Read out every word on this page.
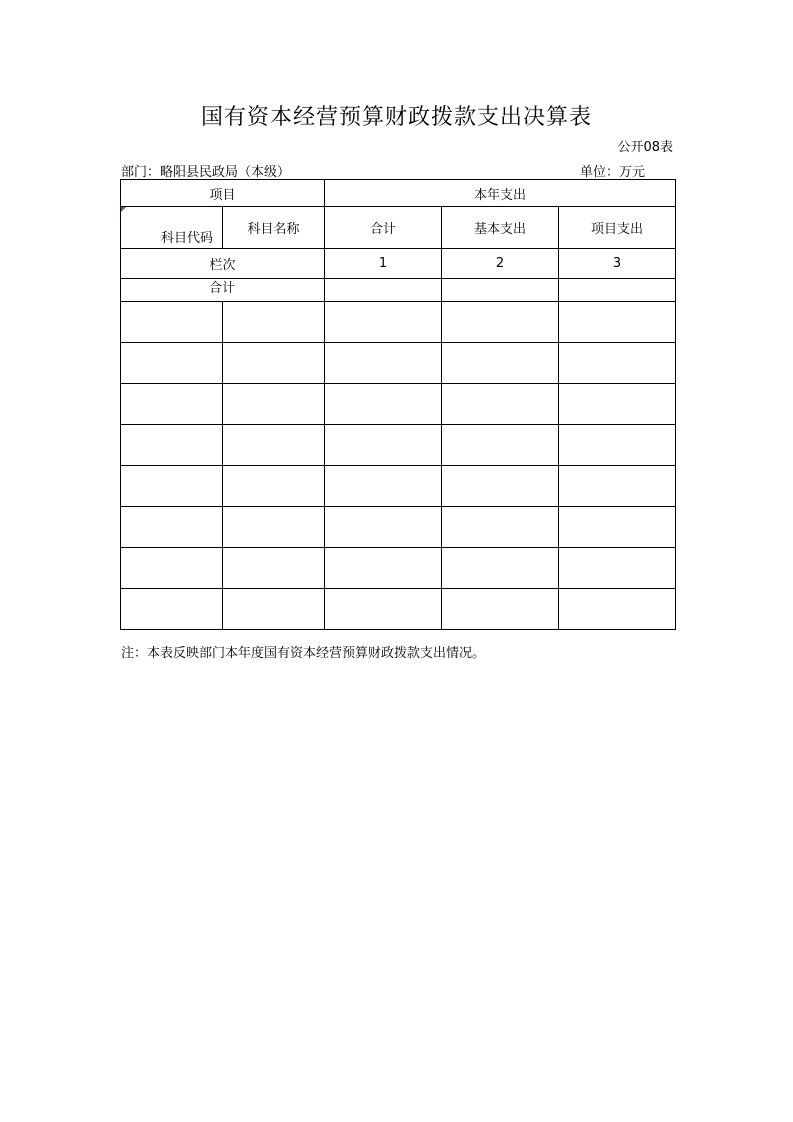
国有资本经营预算财政拨款支出决算表
公开08表
部门：略阳县民政局（本级）	单位：万元
项目		本年支出		

科目代码	科目名称	合计	基本支出	项目支出
栏次		1	2	3
合计				

注：本表反映部门本年度国有资本经营预算财政拨款支出情况。
